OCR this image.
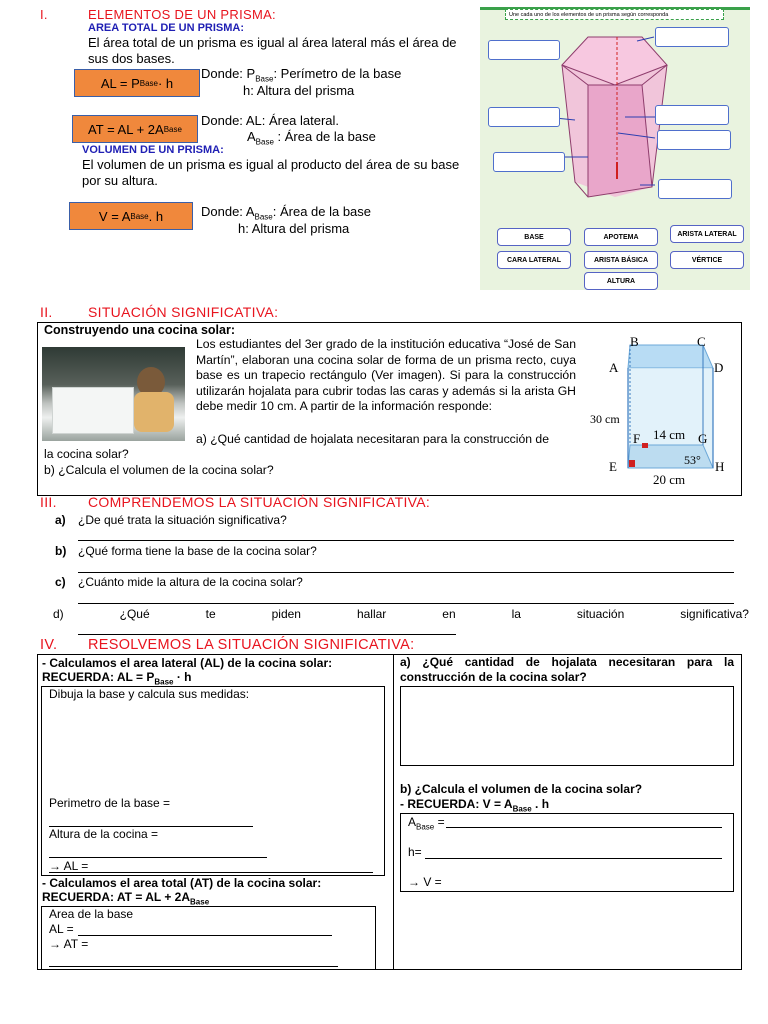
I.	ELEMENTOS DE UN PRISMA:
AREA TOTAL DE UN PRISMA:
El área total de un prisma es igual al área lateral más el área de sus dos bases.
AL = P Base · h
Donde: $P_{Base}$: Perímetro de la base
h: Altura del prisma
AT = AL + 2A Base
Donde: AL: Área lateral.
$A_{Base}$ : Área de la base
VOLUMEN DE UN PRISMA:
El volumen de un prisma es igual al producto del área de su base por su altura.
V = A Base . h	Donde: $A_{Base}$: Área de la base
h: Altura del prisma
Une cada uno de los elementos de un prisma según corresponda
BASE	APOTEMA	ARISTA LATERAL
CARA LATERAL	ARISTA BÁSICA	VÉRTICE
ALTURA
II.	SITUACIÓN SIGNIFICATIVA:
Construyendo una cocina solar:
Los estudiantes del 3er grado de la institución educativa “José de San Martín”, elaboran una cocina solar de forma de un prisma recto, cuya base es un trapecio rectángulo (Ver imagen). Si para la construcción utilizarán hojalata para cubrir todas las caras y además si la arista GH debe medir 10 cm. A partir de la información responde:
a) ¿Qué cantidad de hojalata necesitaran para la construcción de
la cocina solar?
b) ¿Calcula el volumen de la cocina solar?
B	C
A	D
F	G
E	H
30 cm
14 cm
53°
20 cm
III. COMPRENDEMOS LA SITUACIÓN SIGNIFICATIVA:
a) ¿De qué trata la situación significativa?
b) ¿Qué forma tiene la base de la cocina solar?
c) ¿Cuánto mide la altura de la cocina solar?
d)	¿Qué	te	piden	hallar	en	la	situación	significativa?
IV. RESOLVEMOS LA SITUACIÓN SIGNIFICATIVA:
- Calculamos el area lateral (AL) de la cocina solar:
RECUERDA: AL = $P_{Base} \cdot h$
Dibuja la base y calcula sus medidas:
Perimetro de la base =
Altura de la cocina =
→ AL =
- Calculamos el area total (AT) de la cocina solar:
RECUERDA: AT = AL + $2A_{Base}$
Area de la base
AL =
→ AT =
a) ¿Qué cantidad de hojalata necesitaran para la construcción de la cocina solar?
b) ¿Calcula el volumen de la cocina solar?
- RECUERDA: $V = A_{Base}$ . h
$A_{Base}$ =
h=
→ V =
